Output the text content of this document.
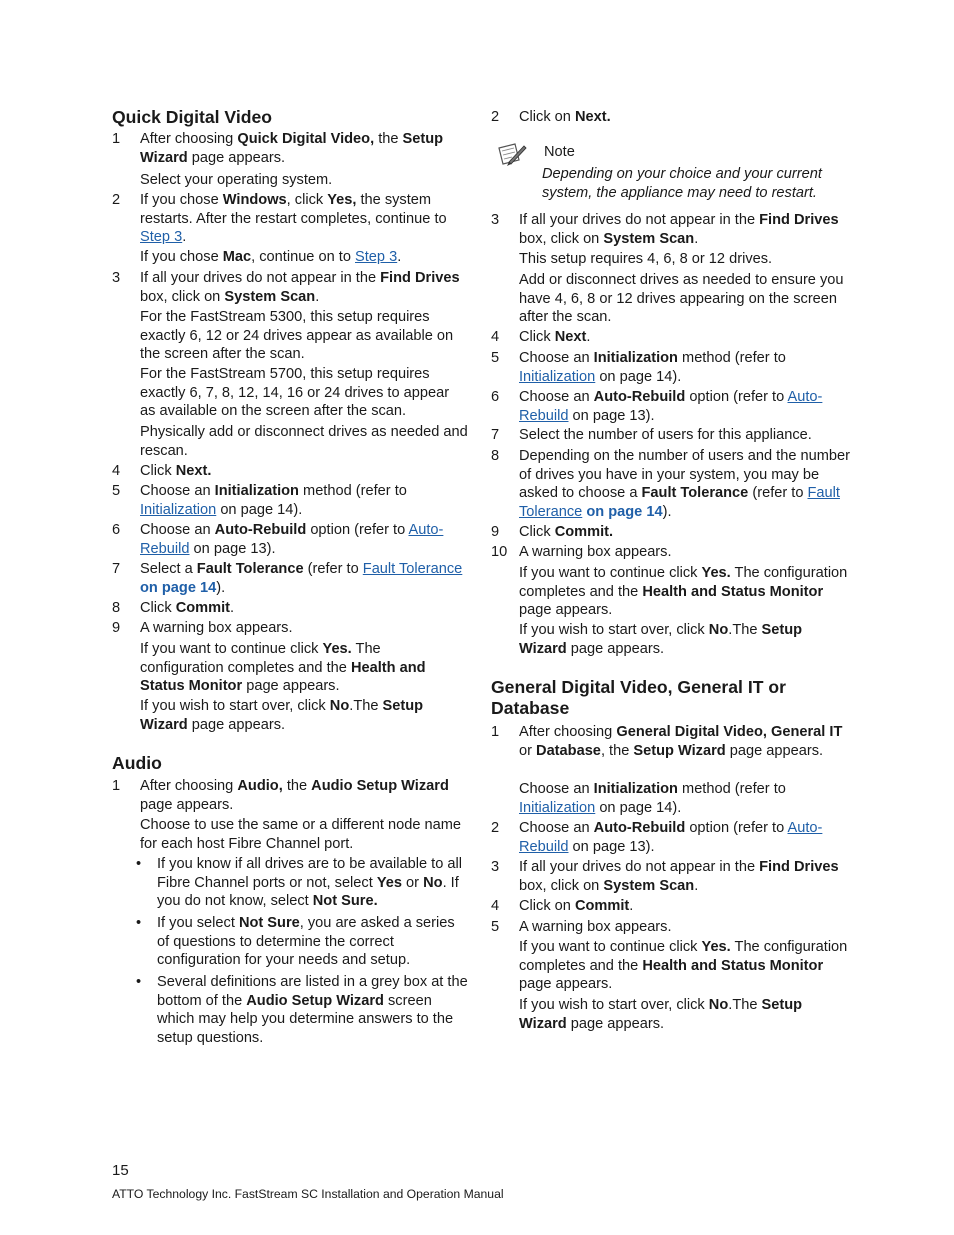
Quick Digital Video
1	After choosing Quick Digital Video, the Setup Wizard page appears.
Select your operating system.
2	If you chose Windows, click Yes, the system restarts. After the restart completes, continue to Step 3.
If you chose Mac, continue on to Step 3.
3	If all your drives do not appear in the Find Drives box, click on System Scan.
For the FastStream 5300, this setup requires exactly 6, 12 or 24 drives appear as available on the screen after the scan.
For the FastStream 5700, this setup requires exactly 6, 7, 8, 12, 14, 16 or 24 drives to appear as available on the screen after the scan.
Physically add or disconnect drives as needed and rescan.
4	Click Next.
5	Choose an Initialization method (refer to Initialization on page 14).
6	Choose an Auto-Rebuild option (refer to Auto-Rebuild on page 13).
7	Select a Fault Tolerance (refer to Fault Tolerance on page 14).
8	Click Commit.
9	A warning box appears.
If you want to continue click Yes. The configuration completes and the Health and Status Monitor page appears.
If you wish to start over, click No.The Setup Wizard page appears.
Audio
1	After choosing Audio, the Audio Setup Wizard page appears.
Choose to use the same or a different node name for each host Fibre Channel port.
•	If you know if all drives are to be available to all Fibre Channel ports or not, select Yes or No. If you do not know, select Not Sure.
•	If you select Not Sure, you are asked a series of questions to determine the correct configuration for your needs and setup.
•	Several definitions are listed in a grey box at the bottom of the Audio Setup Wizard screen which may help you determine answers to the setup questions.
2	Click on Next.
Note
Depending on your choice and your current system, the appliance may need to restart.
3	If all your drives do not appear in the Find Drives box, click on System Scan.
This setup requires 4, 6, 8 or 12 drives.
Add or disconnect drives as needed to ensure you have 4, 6, 8 or 12 drives appearing on the screen after the scan.
4	Click Next.
5	Choose an Initialization method (refer to Initialization on page 14).
6	Choose an Auto-Rebuild option (refer to Auto-Rebuild on page 13).
7	Select the number of users for this appliance.
8	Depending on the number of users and the number of drives you have in your system, you may be asked to choose a Fault Tolerance (refer to Fault Tolerance on page 14).
9	Click Commit.
10 A warning box appears.
If you want to continue click Yes. The configuration completes and the Health and Status Monitor page appears.
If you wish to start over, click No.The Setup Wizard page appears.
General Digital Video, General IT or Database
1	After choosing General Digital Video, General IT or Database, the Setup Wizard page appears.
Choose an Initialization method (refer to Initialization on page 14).
2	Choose an Auto-Rebuild option (refer to Auto-Rebuild on page 13).
3	If all your drives do not appear in the Find Drives box, click on System Scan.
4	Click on Commit.
5	A warning box appears.
If you want to continue click Yes. The configuration completes and the Health and Status Monitor page appears.
If you wish to start over, click No.The Setup Wizard page appears.
15
ATTO Technology Inc. FastStream SC Installation and Operation Manual
